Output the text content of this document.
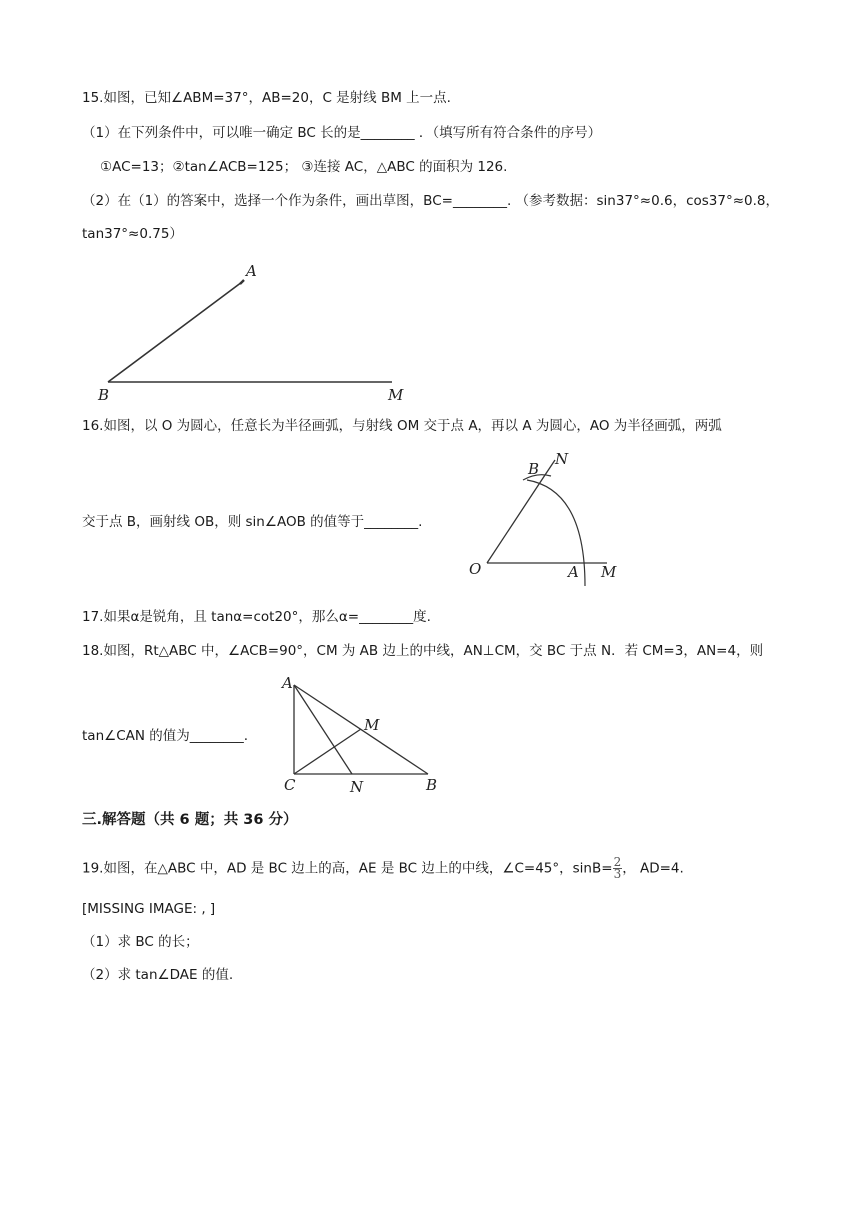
15.如图，已知∠ABM=37°，AB=20，C 是射线 BM 上一点.
（1）在下列条件中，可以唯一确定 BC 长的是________ ．（填写所有符合条件的序号）
①AC=13；②tan∠ACB=125； ③连接 AC，△ABC 的面积为 126.
（2）在（1）的答案中，选择一个作为条件，画出草图，BC=________. （参考数据：sin37°≈0.6，cos37°≈0.8，
tan37°≈0.75）
A
B	M
16.如图，以 O 为圆心，任意长为半径画弧，与射线 OM 交于点 A，再以 A 为圆心，AO 为半径画弧，两弧
交于点 B，画射线 OB，则 sin∠AOB 的值等于________.
B
N
O	A M
17.如果α是锐角，且 tanα=cot20°，那么α=________度.
18.如图，Rt△ABC 中，∠ACB=90°，CM 为 AB 边上的中线，AN⊥CM，交 BC 于点 N．若 CM=3，AN=4，则
tan∠CAN 的值为________.
A
M
C	N	B
三.解答题（共 6 题；共 36 分）
19.如图，在△ABC 中，AD 是 BC 边上的高，AE 是 BC 边上的中线，∠C=45°，$\sin B= \frac{2}{3}$ ， AD=4.
[MISSING IMAGE: , ]
（1）求 BC 的长；
（2）求 tan∠DAE 的值.
